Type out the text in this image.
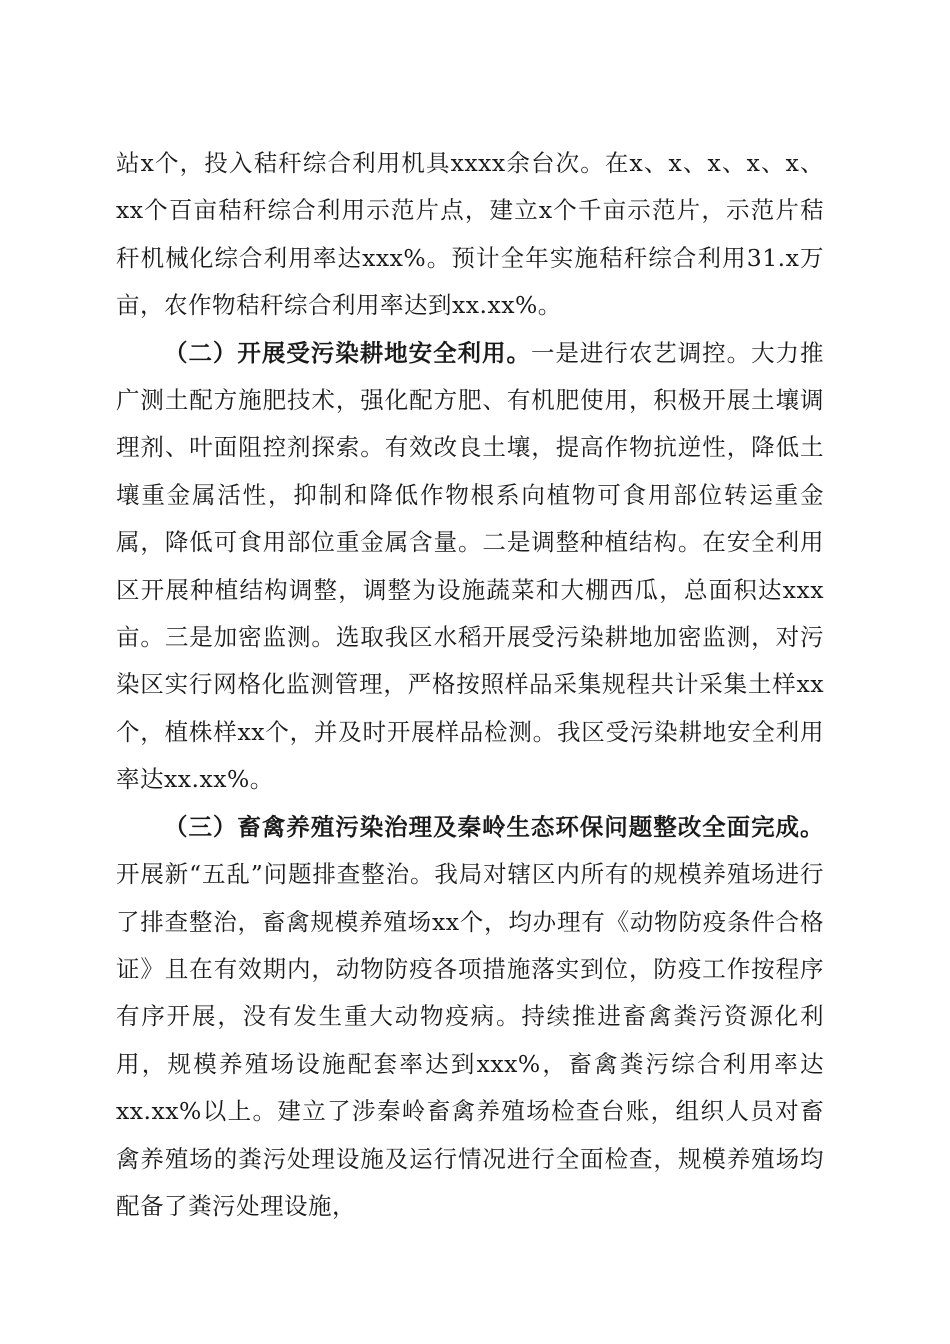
站x个，投入秸秆综合利用机具xxxx余台次。在x、x、x、x、x、xx个百亩秸秆综合利用示范片点，建立x个千亩示范片，示范片秸秆机械化综合利用率达xxx%。预计全年实施秸秆综合利用31.x万亩，农作物秸秆综合利用率达到xx.xx%。

（二）开展受污染耕地安全利用。一是进行农艺调控。大力推广测土配方施肥技术，强化配方肥、有机肥使用，积极开展土壤调理剂、叶面阻控剂探索。有效改良土壤，提高作物抗逆性，降低土壤重金属活性，抑制和降低作物根系向植物可食用部位转运重金属，降低可食用部位重金属含量。二是调整种植结构。在安全利用区开展种植结构调整，调整为设施蔬菜和大棚西瓜，总面积达xxx亩。三是加密监测。选取我区水稻开展受污染耕地加密监测，对污染区实行网格化监测管理，严格按照样品采集规程共计采集土样xx个，植株样xx个，并及时开展样品检测。我区受污染耕地安全利用率达xx.xx%。

（三）畜禽养殖污染治理及秦岭生态环保问题整改全面完成。开展新“五乱”问题排查整治。我局对辖区内所有的规模养殖场进行了排查整治，畜禽规模养殖场xx个，均办理有《动物防疫条件合格证》且在有效期内，动物防疫各项措施落实到位，防疫工作按程序有序开展，没有发生重大动物疫病。持续推进畜禽粪污资源化利用，规模养殖场设施配套率达到xxx%，畜禽粪污综合利用率达xx.xx%以上。建立了涉秦岭畜禽养殖场检查台账，组织人员对畜禽养殖场的粪污处理设施及运行情况进行全面检查，规模养殖场均配备了粪污处理设施，
